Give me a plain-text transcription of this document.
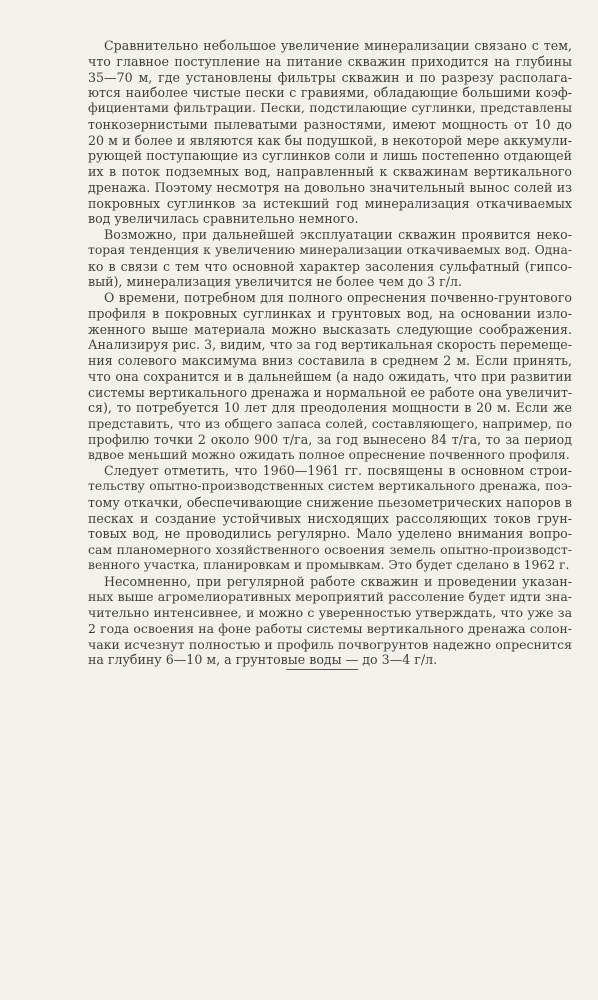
Сравнительно небольшое увеличение минерализации связано с тем,
что главное поступление на питание скважин приходится на глубины
35—70 м, где установлены фильтры скважин и по разрезу располага-
ются наиболее чистые пески с гравиями, обладающие большими коэф-
фициентами фильтрации. Пески, подстилающие суглинки, представлены
тонкозернистыми пылеватыми разностями, имеют мощность от 10 до
20 м и более и являются как бы подушкой, в некоторой мере аккумули-
рующей поступающие из суглинков соли и лишь постепенно отдающей
их в поток подземных вод, направленный к скважинам вертикального
дренажа. Поэтому несмотря на довольно значительный вынос солей из
покровных суглинков за истекший год минерализация откачиваемых
вод увеличилась сравнительно немного.

Возможно, при дальнейшей эксплуатации скважин проявится неко-
торая тенденция к увеличению минерализации откачиваемых вод. Одна-
ко в связи с тем что основной характер засоления сульфатный (гипсо-
вый), минерализация увеличится не более чем до 3 г/л.

О времени, потребном для полного опреснения почвенно-грунтового
профиля в покровных суглинках и грунтовых вод, на основании изло-
женного выше материала можно высказать следующие соображения.
Анализируя рис. 3, видим, что за год вертикальная скорость перемеще-
ния солевого максимума вниз составила в среднем 2 м. Если принять,
что она сохранится и в дальнейшем (а надо ожидать, что при развитии
системы вертикального дренажа и нормальной ее работе она увеличит-
ся), то потребуется 10 лет для преодоления мощности в 20 м. Если же
представить, что из общего запаса солей, составляющего, например, по
профилю точки 2 около 900 т/га, за год вынесено 84 т/га, то за период
вдвое меньший можно ожидать полное опреснение почвенного профиля.

Следует отметить, что 1960—1961 гг. посвящены в основном строи-
тельству опытно-производственных систем вертикального дренажа, поэ-
тому откачки, обеспечивающие снижение пьезометрических напоров в
песках и создание устойчивых нисходящих рассоляющих токов грун-
товых вод, не проводились регулярно. Мало уделено внимания вопро-
сам планомерного хозяйственного освоения земель опытно-производст-
венного участка, планировкам и промывкам. Это будет сделано в 1962 г.

Несомненно, при регулярной работе скважин и проведении указан-
ных выше агромелиоративных мероприятий рассоление будет идти зна-
чительно интенсивнее, и можно с уверенностью утверждать, что уже за
2 года освоения на фоне работы системы вертикального дренажа солон-
чаки исчезнут полностью и профиль почвогрунтов надежно опреснится
на глубину 6—10 м, а грунтовые воды — до 3—4 г/л.
